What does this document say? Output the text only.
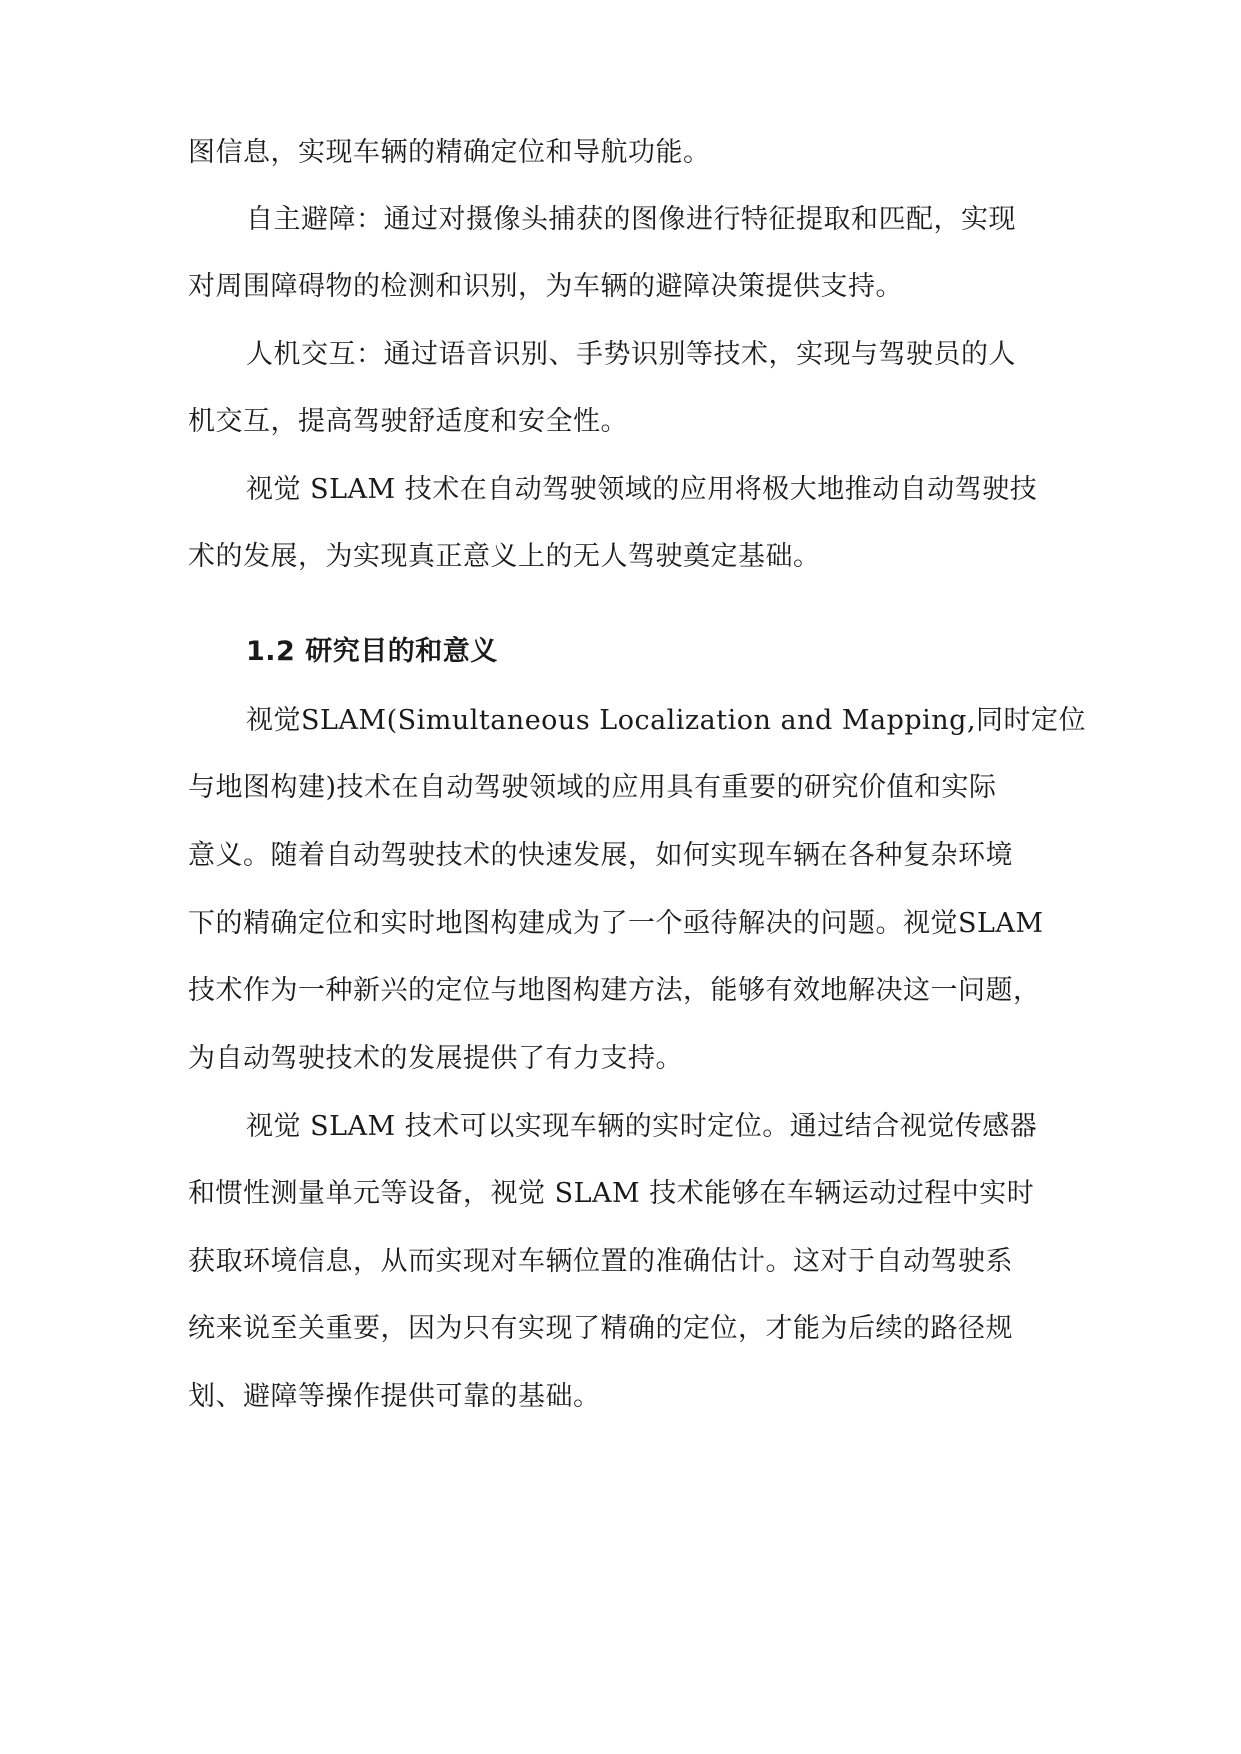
图信息，实现车辆的精确定位和导航功能。
自主避障：通过对摄像头捕获的图像进行特征提取和匹配，实现
对周围障碍物的检测和识别，为车辆的避障决策提供支持。
人机交互：通过语音识别、手势识别等技术，实现与驾驶员的人
机交互，提高驾驶舒适度和安全性。
视觉 SLAM 技术在自动驾驶领域的应用将极大地推动自动驾驶技
术的发展，为实现真正意义上的无人驾驶奠定基础。
1.2 研究目的和意义
视觉SLAM(Simultaneous Localization and Mapping,同时定位
与地图构建)技术在自动驾驶领域的应用具有重要的研究价值和实际
意义。随着自动驾驶技术的快速发展，如何实现车辆在各种复杂环境
下的精确定位和实时地图构建成为了一个亟待解决的问题。视觉SLAM
技术作为一种新兴的定位与地图构建方法，能够有效地解决这一问题，
为自动驾驶技术的发展提供了有力支持。
视觉 SLAM 技术可以实现车辆的实时定位。通过结合视觉传感器
和惯性测量单元等设备，视觉 SLAM 技术能够在车辆运动过程中实时
获取环境信息，从而实现对车辆位置的准确估计。这对于自动驾驶系
统来说至关重要，因为只有实现了精确的定位，才能为后续的路径规
划、避障等操作提供可靠的基础。
